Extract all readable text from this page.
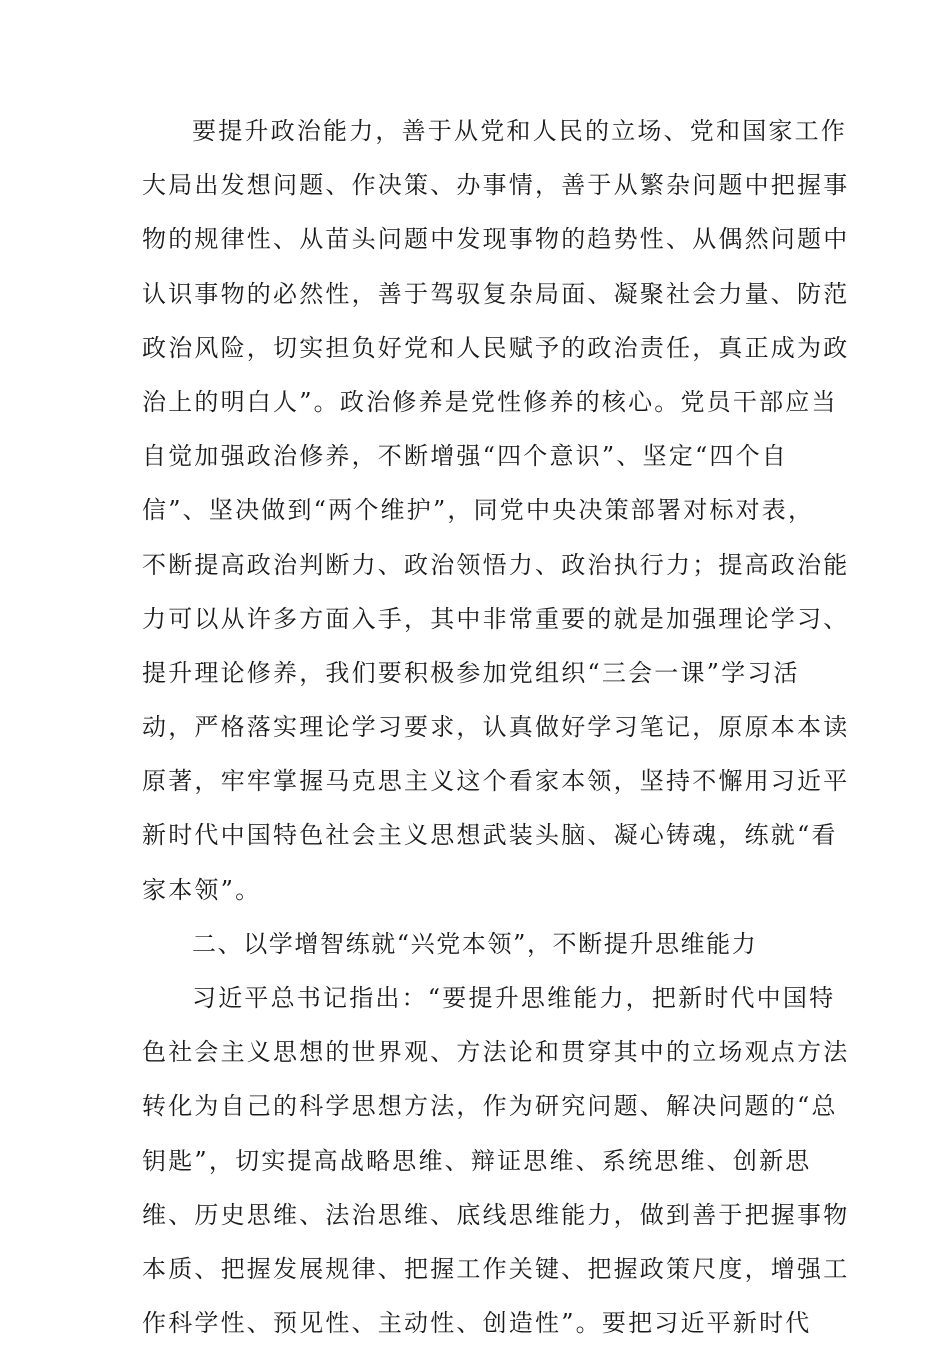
要提升政治能力，善于从党和人民的立场、党和国家工作
大局出发想问题、作决策、办事情，善于从繁杂问题中把握事
物的规律性、从苗头问题中发现事物的趋势性、从偶然问题中
认识事物的必然性，善于驾驭复杂局面、凝聚社会力量、防范
政治风险，切实担负好党和人民赋予的政治责任，真正成为政
治上的明白人”。政治修养是党性修养的核心。党员干部应当
自觉加强政治修养，不断增强“四个意识”、坚定“四个自
信”、坚决做到“两个维护”，同党中央决策部署对标对表，
不断提高政治判断力、政治领悟力、政治执行力；提高政治能
力可以从许多方面入手，其中非常重要的就是加强理论学习、
提升理论修养，我们要积极参加党组织“三会一课”学习活
动，严格落实理论学习要求，认真做好学习笔记，原原本本读
原著，牢牢掌握马克思主义这个看家本领，坚持不懈用习近平
新时代中国特色社会主义思想武装头脑、凝心铸魂，练就“看
家本领”。
二、以学增智练就“兴党本领”，不断提升思维能力
习近平总书记指出：“要提升思维能力，把新时代中国特
色社会主义思想的世界观、方法论和贯穿其中的立场观点方法
转化为自己的科学思想方法，作为研究问题、解决问题的“总
钥匙”，切实提高战略思维、辩证思维、系统思维、创新思
维、历史思维、法治思维、底线思维能力，做到善于把握事物
本质、把握发展规律、把握工作关键、把握政策尺度，增强工
作科学性、预见性、主动性、创造性”。要把习近平新时代
